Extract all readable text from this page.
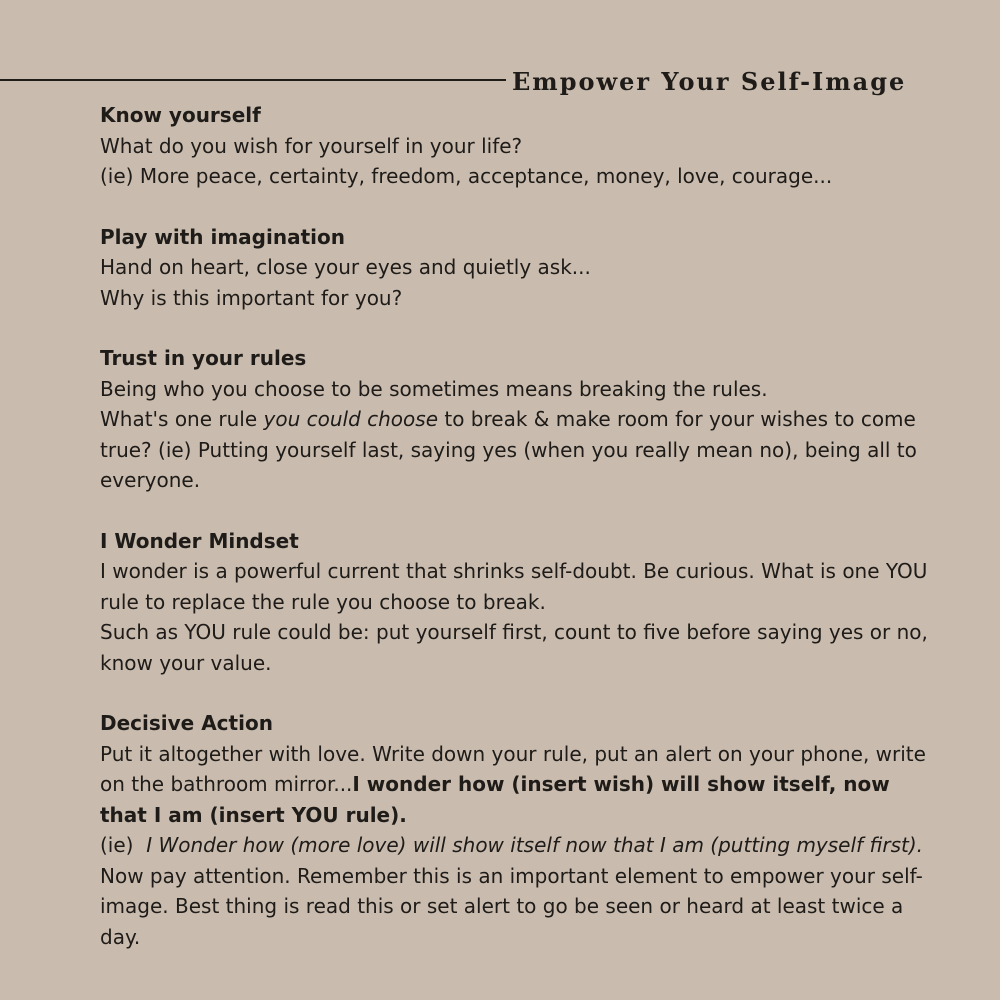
Empower Your Self-Image
Know yourself
What do you wish for yourself in your life?
(ie) More peace, certainty, freedom, acceptance, money, love, courage...
Play with imagination
Hand on heart, close your eyes and quietly ask...
Why is this important for you?
Trust in your rules
Being who you choose to be sometimes means breaking the rules.
What's one rule you could choose to break & make room for your wishes to come true? (ie) Putting yourself last, saying yes (when you really mean no), being all to everyone.
I Wonder Mindset
I wonder is a powerful current that shrinks self-doubt. Be curious. What is one YOU rule to replace the rule you choose to break.
Such as YOU rule could be: put yourself first, count to five before saying yes or no, know your value.
Decisive Action
Put it altogether with love. Write down your rule, put an alert on your phone, write on the bathroom mirror...I wonder how (insert wish) will show itself, now that I am (insert YOU rule).
(ie)  I Wonder how (more love) will show itself now that I am (putting myself first).
Now pay attention. Remember this is an important element to empower your self-image. Best thing is read this or set alert to go be seen or heard at least twice a day.
